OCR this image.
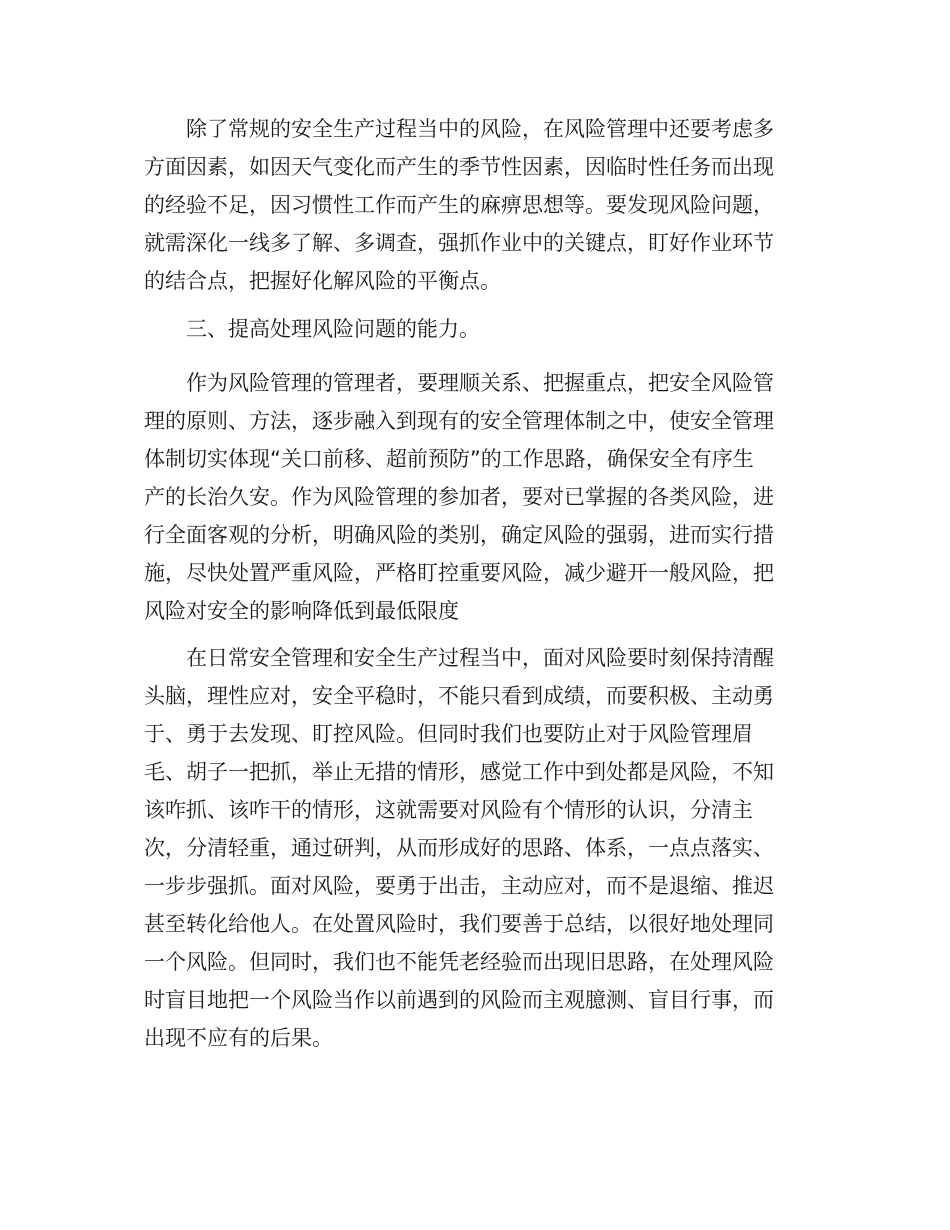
除了常规的安全生产过程当中的风险，在风险管理中还要考虑多

方面因素，如因天气变化而产生的季节性因素，因临时性任务而出现

的经验不足，因习惯性工作而产生的麻痹思想等。要发现风险问题，

就需深化一线多了解、多调查，强抓作业中的关键点，盯好作业环节

的结合点，把握好化解风险的平衡点。

三、提高处理风险问题的能力。

作为风险管理的管理者，要理顺关系、把握重点，把安全风险管

理的原则、方法，逐步融入到现有的安全管理体制之中，使安全管理

体制切实体现“关口前移、超前预防”的工作思路，确保安全有序生

产的长治久安。作为风险管理的参加者，要对已掌握的各类风险，进

行全面客观的分析，明确风险的类别，确定风险的强弱，进而实行措

施，尽快处置严重风险，严格盯控重要风险，减少避开一般风险，把

风险对安全的影响降低到最低限度

在日常安全管理和安全生产过程当中，面对风险要时刻保持清醒

头脑，理性应对，安全平稳时，不能只看到成绩，而要积极、主动勇

于、勇于去发现、盯控风险。但同时我们也要防止对于风险管理眉

毛、胡子一把抓，举止无措的情形，感觉工作中到处都是风险，不知

该咋抓、该咋干的情形，这就需要对风险有个情形的认识，分清主

次，分清轻重，通过研判，从而形成好的思路、体系，一点点落实、

一步步强抓。面对风险，要勇于出击，主动应对，而不是退缩、推迟

甚至转化给他人。在处置风险时，我们要善于总结，以很好地处理同

一个风险。但同时，我们也不能凭老经验而出现旧思路，在处理风险

时盲目地把一个风险当作以前遇到的风险而主观臆测、盲目行事，而

出现不应有的后果。
